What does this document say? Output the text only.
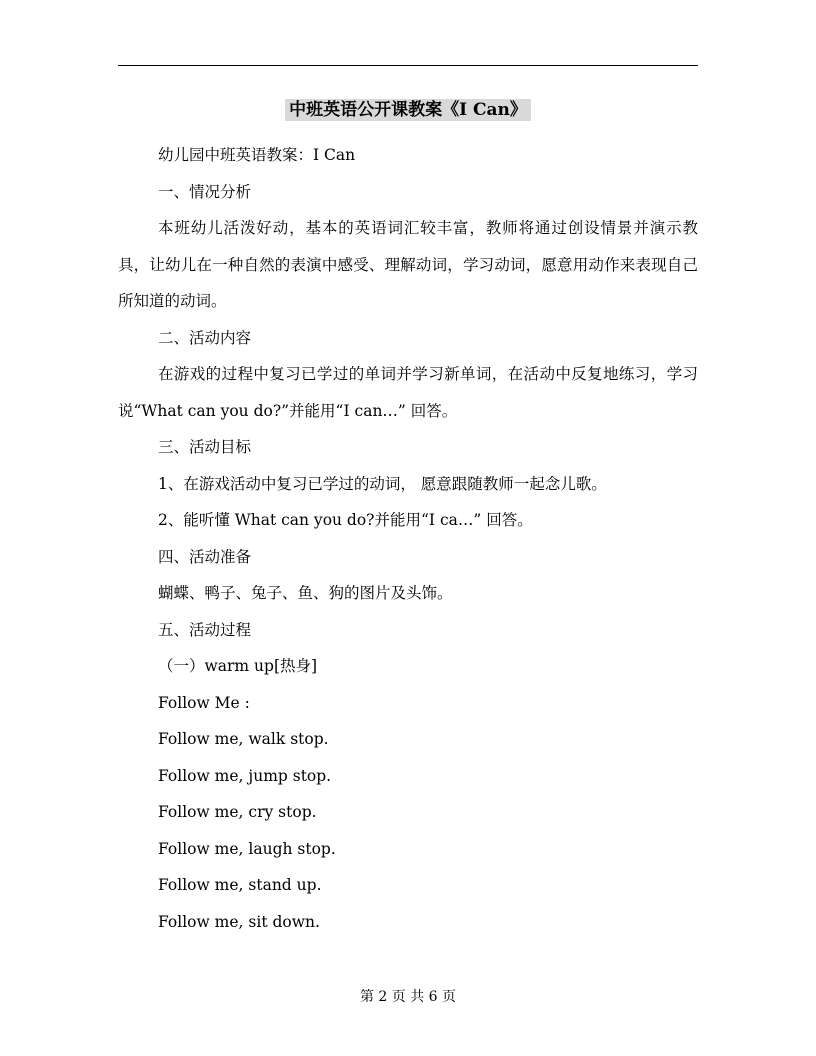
中班英语公开课教案《I Can》

幼儿园中班英语教案：I Can

一、情况分析

本班幼儿活泼好动，基本的英语词汇较丰富，教师将通过创设情景并演示教具，让幼儿在一种自然的表演中感受、理解动词，学习动词，愿意用动作来表现自己所知道的动词。

二、活动内容

在游戏的过程中复习已学过的单词并学习新单词，在活动中反复地练习，学习说“What can you do?”并能用“I can…” 回答。

三、活动目标

1、在游戏活动中复习已学过的动词， 愿意跟随教师一起念儿歌。

2、能听懂 What can you do?并能用“I ca…” 回答。

四、活动准备

蝴蝶、鸭子、兔子、鱼、狗的图片及头饰。

五、活动过程

（一）warm up[热身]

Follow Me :

Follow me, walk stop.

Follow me, jump stop.

Follow me, cry stop.

Follow me, laugh stop.

Follow me, stand up.

Follow me, sit down.

第 2 页 共 6 页
